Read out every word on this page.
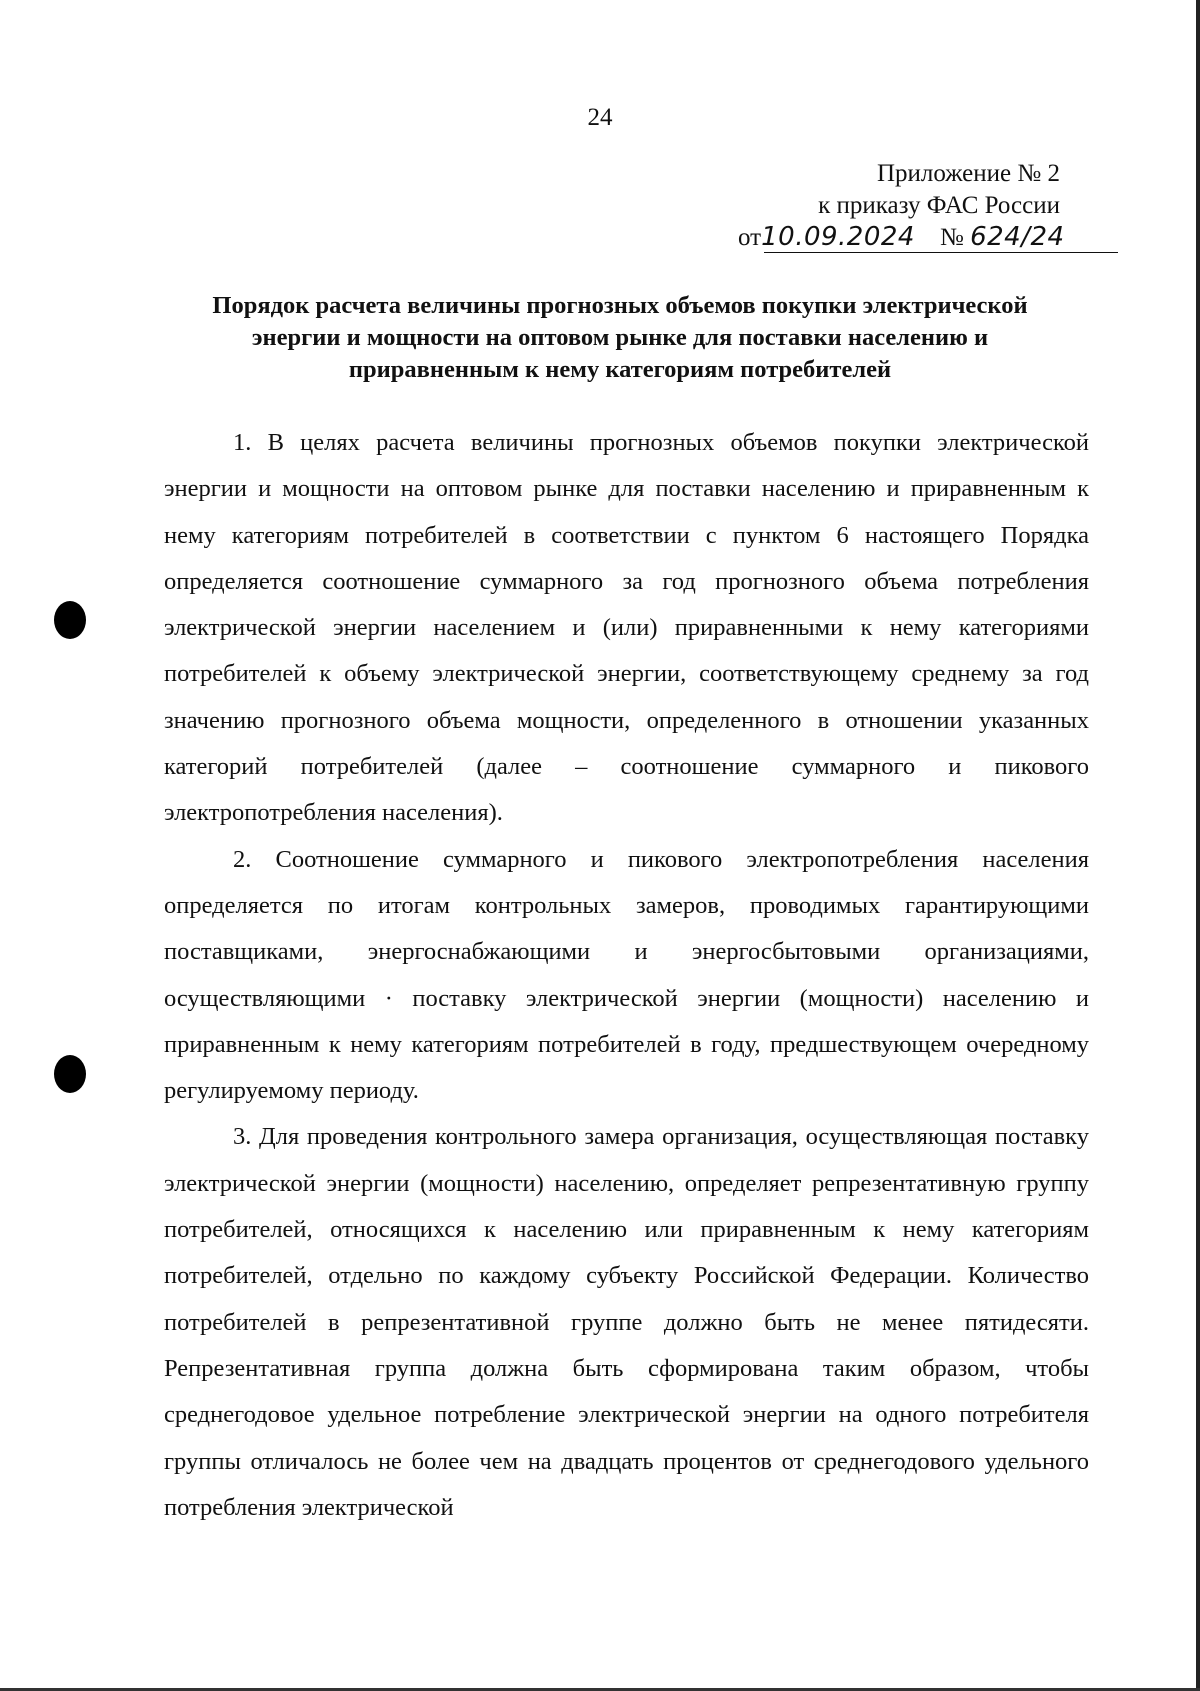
24
Приложение № 2
к приказу ФАС России
от10.09.2024 № 624/24
Порядок расчета величины прогнозных объемов покупки электрической
энергии и мощности на оптовом рынке для поставки населению и
приравненным к нему категориям потребителей

1. В целях расчета величины прогнозных объемов покупки электрической энергии и мощности на оптовом рынке для поставки населению и приравненным к нему категориям потребителей в соответствии с пунктом 6 настоящего Порядка определяется соотношение суммарного за год прогнозного объема потребления электрической энергии населением и (или) приравненными к нему категориями потребителей к объему электрической энергии, соответствующему среднему за год значению прогнозного объема мощности, определенного в отношении указанных категорий потребителей (далее – соотношение суммарного и пикового электропотребления населения).

2. Соотношение суммарного и пикового электропотребления населения определяется по итогам контрольных замеров, проводимых гарантирующими поставщиками, энергоснабжающими и энергосбытовыми организациями, осуществляющими · поставку электрической энергии (мощности) населению и приравненным к нему категориям потребителей в году, предшествующем очередному регулируемому периоду.

3. Для проведения контрольного замера организация, осуществляющая поставку электрической энергии (мощности) населению, определяет репрезентативную группу потребителей, относящихся к населению или приравненным к нему категориям потребителей, отдельно по каждому субъекту Российской Федерации. Количество потребителей в репрезентативной группе должно быть не менее пятидесяти. Репрезентативная группа должна быть сформирована таким образом, чтобы среднегодовое удельное потребление электрической энергии на одного потребителя группы отличалось не более чем на двадцать процентов от среднегодового удельного потребления электрической
